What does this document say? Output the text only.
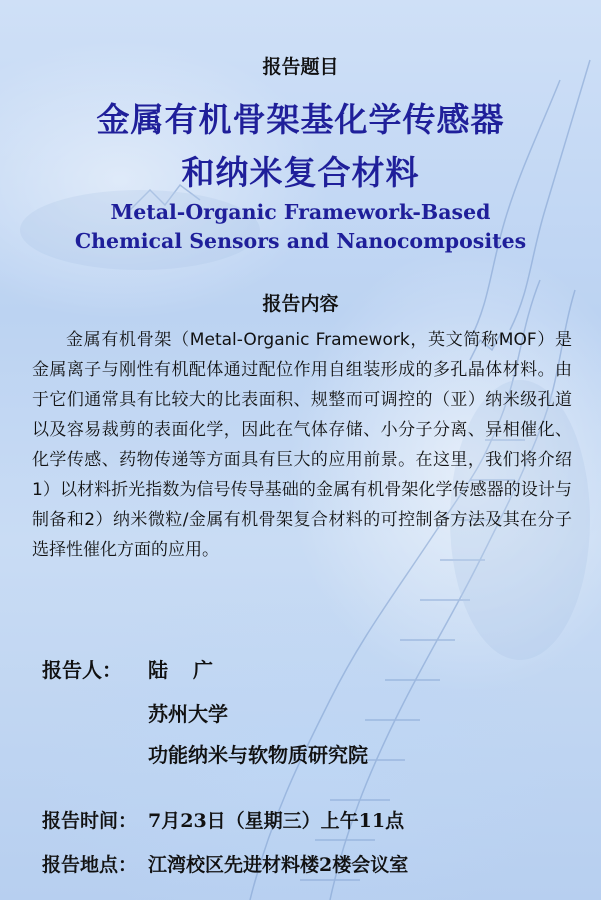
报告题目
金属有机骨架基化学传感器
和纳米复合材料
Metal-Organic Framework-Based
Chemical Sensors and Nanocomposites
报告内容

金属有机骨架（Metal-Organic Framework，英文简称MOF）是金属离子与刚性有机配体通过配位作用自组装形成的多孔晶体材料。由于它们通常具有比较大的比表面积、规整而可调控的（亚）纳米级孔道以及容易裁剪的表面化学，因此在气体存储、小分子分离、异相催化、化学传感、药物传递等方面具有巨大的应用前景。在这里，我们将介绍1）以材料折光指数为信号传导基础的金属有机骨架化学传感器的设计与制备和2）纳米微粒/金属有机骨架复合材料的可控制备方法及其在分子选择性催化方面的应用。

报告人： 陆 广
苏州大学
功能纳米与软物质研究院
报告时间： 7月23日（星期三）上午11点
报告地点： 江湾校区先进材料楼2楼会议室
